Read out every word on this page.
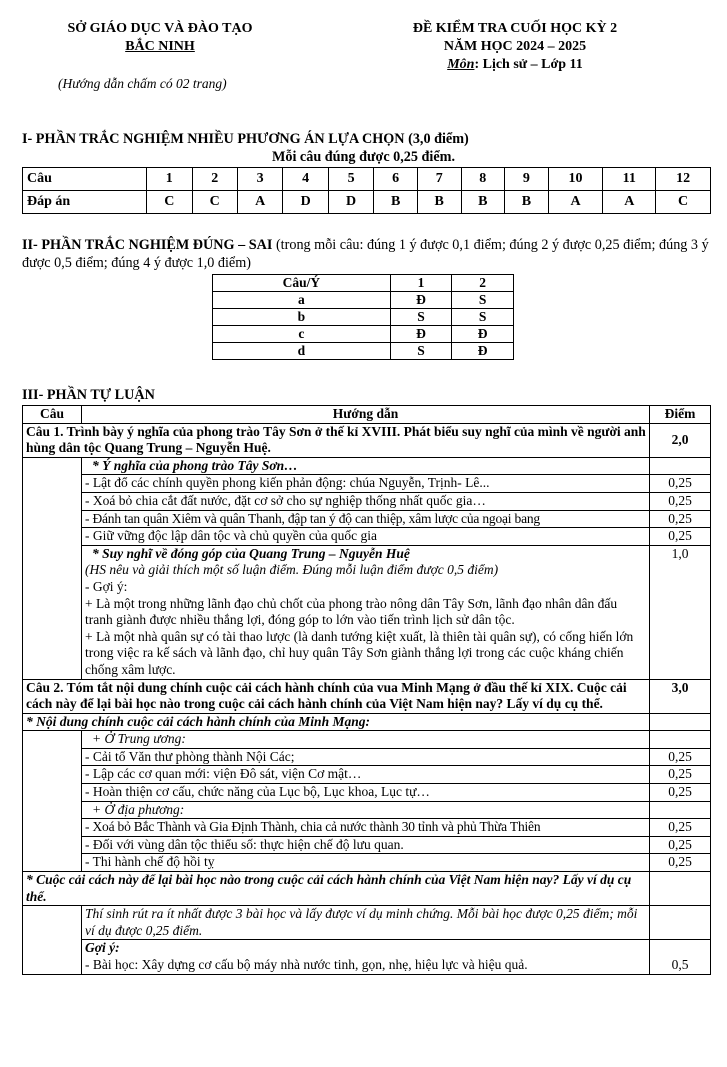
SỞ GIÁO DỤC VÀ ĐÀO TẠO
BẮC NINH
(Hướng dẫn chấm có 02 trang)
ĐỀ KIỂM TRA CUỐI HỌC KỲ 2
NĂM HỌC 2024 – 2025
Môn: Lịch sử – Lớp 11
I- PHẦN TRẮC NGHIỆM NHIỀU PHƯƠNG ÁN LỰA CHỌN (3,0 điểm)
Mỗi câu đúng được 0,25 điểm.
Câu	1	2	3	4	5	6	7	8	9	10	11	12
Đáp án	C	C	A	D	D	B	B	B	B	A	A	C
II- PHẦN TRẮC NGHIỆM ĐÚNG – SAI (trong mỗi câu: đúng 1 ý được 0,1 điểm; đúng 2 ý được 0,25 điểm; đúng 3 ý được 0,5 điểm; đúng 4 ý được 1,0 điểm)
Câu/Ý	1	2
a	Đ	S
b	S	S
c	Đ	Đ
d	S	Đ
III- PHẦN TỰ LUẬN
Câu	Hướng dẫn	Điểm
Câu 1. Trình bày ý nghĩa của phong trào Tây Sơn ở thế kỉ XVIII. Phát biểu suy nghĩ của mình về người anh hùng dân tộc Quang Trung – Nguyễn Huệ.		2,0
	* Ý nghĩa của phong trào Tây Sơn…	
	- Lật đổ các chính quyền phong kiến phản động: chúa Nguyễn, Trịnh- Lê...	0,25
	- Xoá bỏ chia cắt đất nước, đặt cơ sở cho sự nghiệp thống nhất quốc gia…	0,25
	- Đánh tan quân Xiêm và quân Thanh, đập tan ý độ can thiệp, xâm lược của ngoại bang	0,25
	- Giữ vững độc lập dân tộc và chủ quyền của quốc gia	0,25

	* Suy nghĩ về đóng góp của Quang Trung – Nguyễn Huệ
(HS nêu và giải thích một số luận điểm. Đúng mỗi luận điểm được 0,5 điểm)
- Gợi ý:
+ Là một trong những lãnh đạo chủ chốt của phong trào nông dân Tây Sơn, lãnh đạo nhân dân đấu tranh giành được nhiều thắng lợi, đóng góp to lớn vào tiến trình lịch sử dân tộc.
+ Là một nhà quân sự có tài thao lược (là danh tướng kiệt xuất, là thiên tài quân sự), có cống hiến lớn trong việc ra kế sách và lãnh đạo, chỉ huy quân Tây Sơn giành thắng lợi trong các cuộc kháng chiến chống xâm lược.	1,0
Câu 2. Tóm tắt nội dung chính cuộc cải cách hành chính của vua Minh Mạng ở đầu thế kỉ XIX. Cuộc cải cách này để lại bài học nào trong cuộc cải cách hành chính của Việt Nam hiện nay? Lấy ví dụ cụ thể.		3,0
* Nội dung chính cuộc cải cách hành chính của Minh Mạng:		
	+ Ở Trung ương:	
	- Cải tổ Văn thư phòng thành Nội Các;	0,25
	- Lập các cơ quan mới: viện Đô sát, viện Cơ mật…	0,25
	- Hoàn thiện cơ cấu, chức năng của Lục bộ, Lục khoa, Lục tự…	0,25
	+ Ở địa phương:	
	- Xoá bỏ Bắc Thành và Gia Định Thành, chia cả nước thành 30 tỉnh và phủ Thừa Thiên	0,25
	- Đối với vùng dân tộc thiểu số: thực hiện chế độ lưu quan.	0,25
	- Thi hành chế độ hồi tỵ	0,25
* Cuộc cải cách này để lại bài học nào trong cuộc cải cách hành chính của Việt Nam hiện nay? Lấy ví dụ cụ thể.		
	Thí sinh rút ra ít nhất được 3 bài học và lấy được ví dụ minh chứng. Mỗi bài học được 0,25 điểm; mỗi ví dụ được 0,25 điểm.	

	Gợi ý:
- Bài học: Xây dựng cơ cấu bộ máy nhà nước tinh, gọn, nhẹ, hiệu lực và hiệu quả.	0,5
